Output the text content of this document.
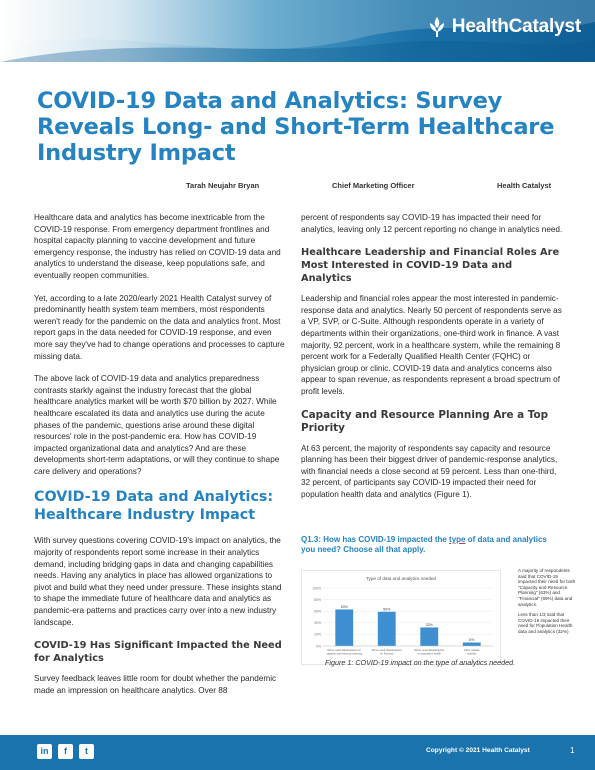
HealthCatalyst
COVID-19 Data and Analytics: Survey Reveals Long- and Short-Term Healthcare Industry Impact
Tarah Neujahr Bryan	Chief Marketing Officer	Health Catalyst

Healthcare data and analytics has become inextricable from the COVID-19 response. From emergency department frontlines and hospital capacity planning to vaccine development and future emergency response, the industry has relied on COVID-19 data and analytics to understand the disease, keep populations safe, and eventually reopen communities.

Yet, according to a late 2020/early 2021 Health Catalyst survey of predominantly health system team members, most respondents weren't ready for the pandemic on the data and analytics front. Most report gaps in the data needed for COVID-19 response, and even more say they've had to change operations and processes to capture missing data.

The above lack of COVID-19 data and analytics preparedness contrasts starkly against the industry forecast that the global healthcare analytics market will be worth $70 billion by 2027. While healthcare escalated its data and analytics use during the acute phases of the pandemic, questions arise around these digital resources' role in the post-pandemic era. How has COVID-19 impacted organizational data and analytics? And are these developments short-term adaptations, or will they continue to shape care delivery and operations?

COVID-19 Data and Analytics: Healthcare Industry Impact

With survey questions covering COVID-19's impact on analytics, the majority of respondents report some increase in their analytics demand, including bridging gaps in data and changing capabilities needs. Having any analytics in place has allowed organizations to pivot and build what they need under pressure. These insights stand to shape the immediate future of healthcare data and analytics as pandemic-era patterns and practices carry over into a new industry landscape.

COVID-19 Has Significant Impacted the Need for Analytics

Survey feedback leaves little room for doubt whether the pandemic made an impression on healthcare analytics. Over 88

percent of respondents say COVID-19 has impacted their need for analytics, leaving only 12 percent reporting no change in analytics need.

Healthcare Leadership and Financial Roles Are Most Interested in COVID-19 Data and Analytics

Leadership and financial roles appear the most interested in pandemic-response data and analytics. Nearly 50 percent of respondents serve as a VP, SVP, or C-Suite. Although respondents operate in a variety of departments within their organizations, one-third work in finance. A vast majority, 92 percent, work in a healthcare system, while the remaining 8 percent work for a Federally Qualified Health Center (FQHC) or physician group or clinic. COVID-19 data and analytics concerns also appear to span revenue, as respondents represent a broad spectrum of profit levels.

Capacity and Resource Planning Are a Top Priority

At 63 percent, the majority of respondents say capacity and resource planning has been their biggest driver of pandemic-response analytics, with financial needs a close second at 59 percent. Less than one-third, 32 percent, of participants say COVID-19 impacted their need for population health data and analytics (Figure 1).

Q1.3: How has COVID-19 impacted the type of data and analytics you need? Choose all that apply.
Type of data and analytics needed
0%
20%
40%
60%
80%
100%
63%
We've need data/analytics on
capacity and resource planning
59%
We've need data/analytics
on financial
32%
We've need data/analytics
on population health
6%
Other (please
specify)

A majority of respondents said that COVID-19 impacted their need for both "Capacity and Resource Planning" (63%) and "Financial" (59%) data and analytics.

Less than 1/3 said that COVID-19 impacted their need for Population Health data and analytics (32%)

Figure 1: COVID-19 impact on the type of analytics needed.
in	f	t	Copyright © 2021 Health Catalyst	1
